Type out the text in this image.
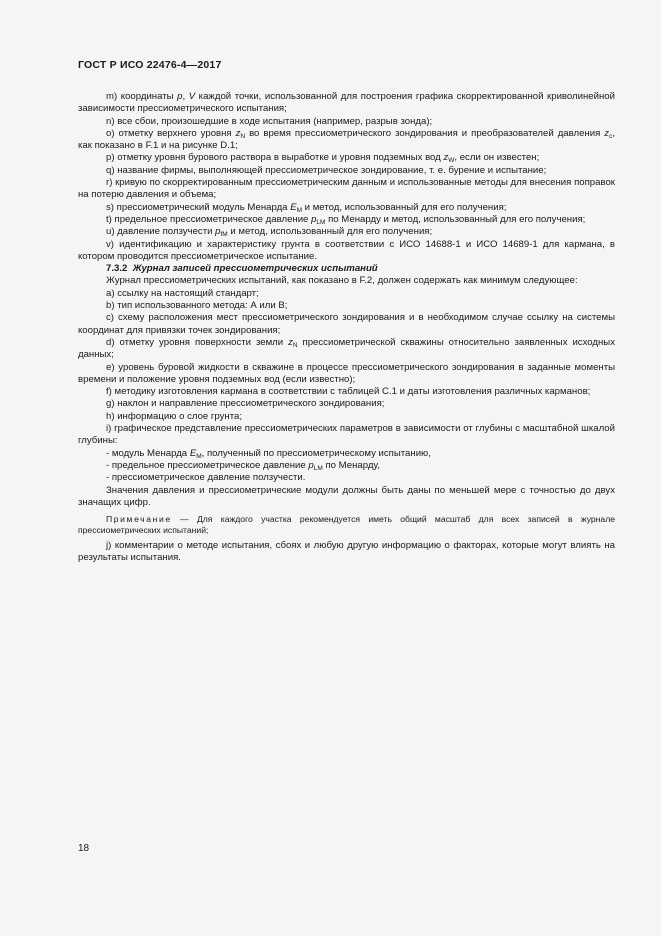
ГОСТ Р ИСО 22476-4—2017

m) координаты p, V каждой точки, использованной для построения графика скорректированной криволинейной зависимости прессиометрического испытания;

n) все сбои, произошедшие в ходе испытания (например, разрыв зонда);

o) отметку верхнего уровня $z_N$ во время прессиометрического зондирования и преобразователей давления $z_c$, как показано в F.1 и на рисунке D.1;

p) отметку уровня бурового раствора в выработке и уровня подземных вод $z_W$, если он известен;

q) название фирмы, выполняющей прессиометрическое зондирование, т. е. бурение и испытание;

r) кривую по скорректированным прессиометрическим данным и использованные методы для внесения поправок на потерю давления и объема;

s) прессиометрический модуль Менарда $E_M$ и метод, использованный для его получения;

t) предельное прессиометрическое давление $p_{LM}$ по Менарду и метод, использованный для его получения;

u) давление ползучести $p_{fM}$ и метод, использованный для его получения;

v) идентификацию и характеристику грунта в соответствии с ИСО 14688-1 и ИСО 14689-1 для кармана, в котором проводится прессиометрическое испытание.

7.3.2 Журнал записей прессиометрических испытаний

Журнал прессиометрических испытаний, как показано в F.2, должен содержать как минимум следующее:

a) ссылку на настоящий стандарт;

b) тип использованного метода: А или В;

c) схему расположения мест прессиометрического зондирования и в необходимом случае ссылку на системы координат для привязки точек зондирования;

d) отметку уровня поверхности земли $z_N$ прессиометрической скважины относительно заявленных исходных данных;

e) уровень буровой жидкости в скважине в процессе прессиометрического зондирования в заданные моменты времени и положение уровня подземных вод (если известно);

f) методику изготовления кармана в соответствии с таблицей С.1 и даты изготовления различных карманов;

g) наклон и направление прессиометрического зондирования;

h) информацию о слое грунта;

i) графическое представление прессиометрических параметров в зависимости от глубины с масштабной шкалой глубины:

- модуль Менарда $E_M$, полученный по прессиометрическому испытанию,

- предельное прессиометрическое давление $p_{LM}$ по Менарду,

- прессиометрическое давление ползучести.

Значения давления и прессиометрические модули должны быть даны по меньшей мере с точностью до двух значащих цифр.

Примечание — Для каждого участка рекомендуется иметь общий масштаб для всех записей в журнале прессиометрических испытаний;

j) комментарии о методе испытания, сбоях и любую другую информацию о факторах, которые могут влиять на результаты испытания.

18
